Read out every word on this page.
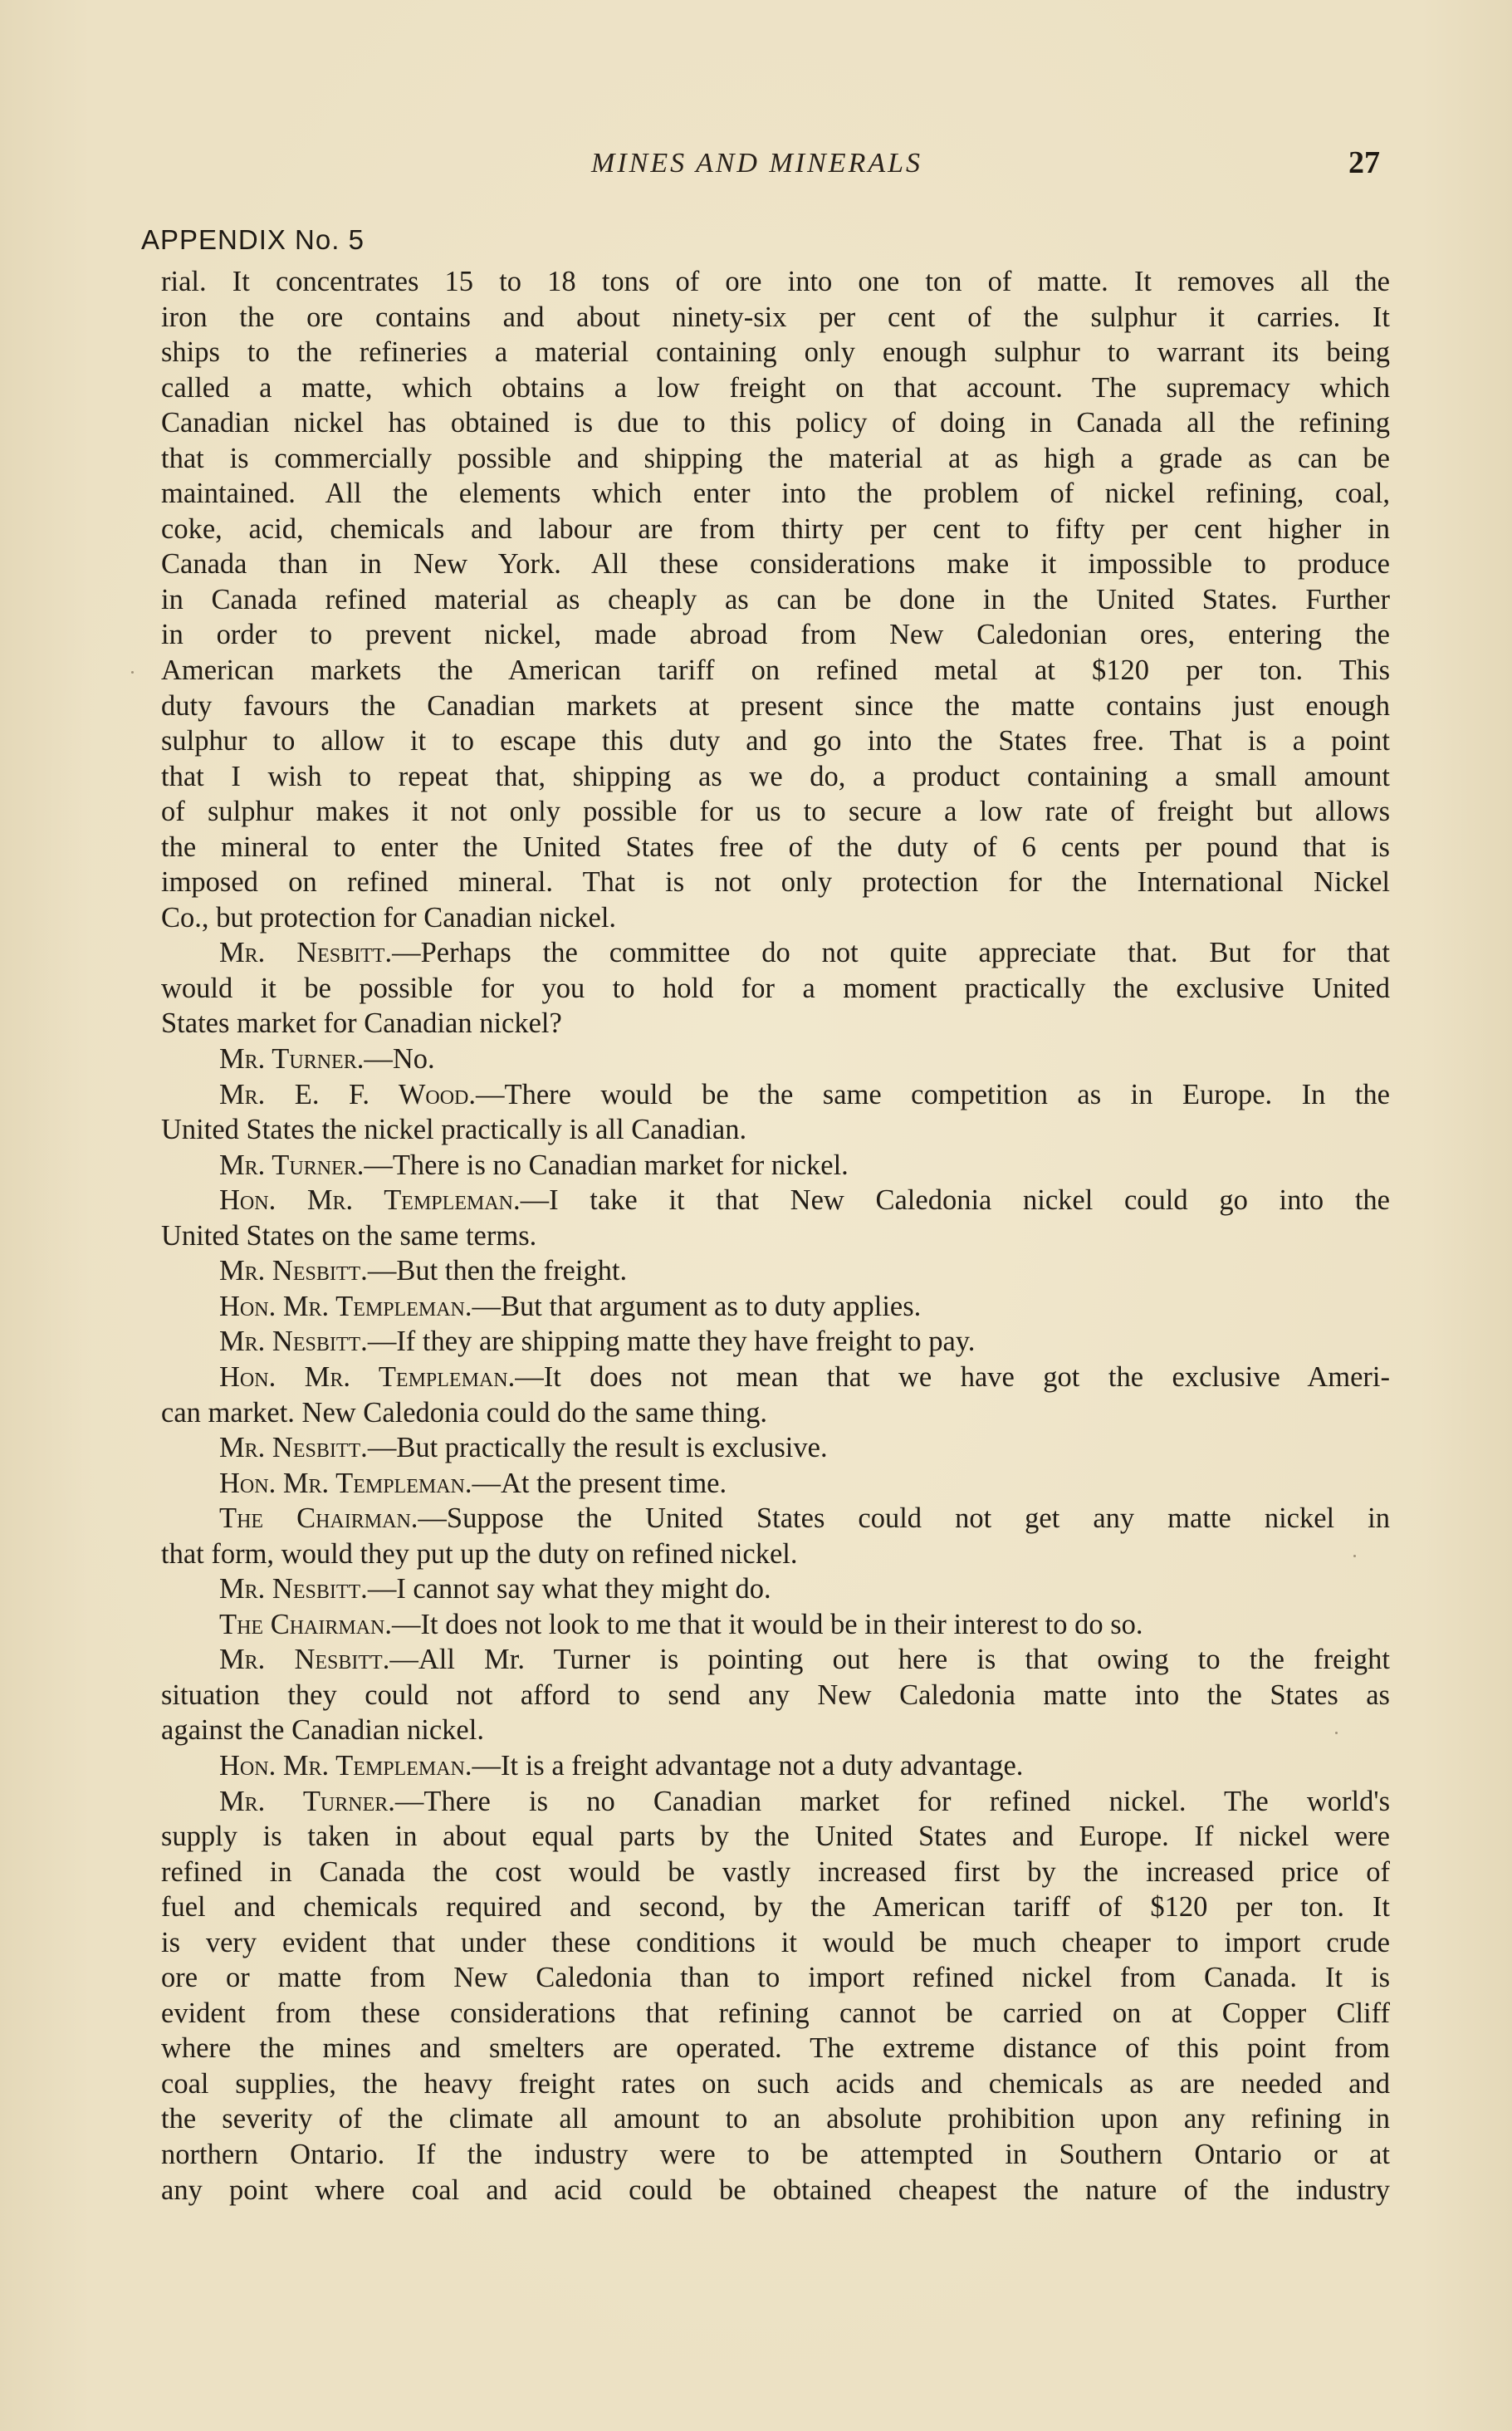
MINES AND MINERALS	27
APPENDIX No. 5
rial. It concentrates 15 to 18 tons of ore into one ton of matte. It removes all the
iron the ore contains and about ninety-six per cent of the sulphur it carries. It
ships to the refineries a material containing only enough sulphur to warrant its being
called a matte, which obtains a low freight on that account. The supremacy which
Canadian nickel has obtained is due to this policy of doing in Canada all the refining
that is commercially possible and shipping the material at as high a grade as can be
maintained. All the elements which enter into the problem of nickel refining, coal,
coke, acid, chemicals and labour are from thirty per cent to fifty per cent higher in
Canada than in New York. All these considerations make it impossible to produce
in Canada refined material as cheaply as can be done in the United States. Further
in order to prevent nickel, made abroad from New Caledonian ores, entering the
American markets the American tariff on refined metal at $120 per ton. This
duty favours the Canadian markets at present since the matte contains just enough
sulphur to allow it to escape this duty and go into the States free. That is a point
that I wish to repeat that, shipping as we do, a product containing a small amount
of sulphur makes it not only possible for us to secure a low rate of freight but allows
the mineral to enter the United States free of the duty of 6 cents per pound that is
imposed on refined mineral. That is not only protection for the International Nickel
Co., but protection for Canadian nickel.
Mr. Nesbitt.—Perhaps the committee do not quite appreciate that. But for that
would it be possible for you to hold for a moment practically the exclusive United
States market for Canadian nickel?
Mr. Turner.—No.
Mr. E. F. Wood.—There would be the same competition as in Europe. In the
United States the nickel practically is all Canadian.
Mr. Turner.—There is no Canadian market for nickel.
Hon. Mr. Templeman.—I take it that New Caledonia nickel could go into the
United States on the same terms.
Mr. Nesbitt.—But then the freight.
Hon. Mr. Templeman.—But that argument as to duty applies.
Mr. Nesbitt.—If they are shipping matte they have freight to pay.
Hon. Mr. Templeman.—It does not mean that we have got the exclusive Ameri-
can market. New Caledonia could do the same thing.
Mr. Nesbitt.—But practically the result is exclusive.
Hon. Mr. Templeman.—At the present time.
The Chairman.—Suppose the United States could not get any matte nickel in
that form, would they put up the duty on refined nickel.
Mr. Nesbitt.—I cannot say what they might do.
The Chairman.—It does not look to me that it would be in their interest to do so.
Mr. Nesbitt.—All Mr. Turner is pointing out here is that owing to the freight
situation they could not afford to send any New Caledonia matte into the States as
against the Canadian nickel.
Hon. Mr. Templeman.—It is a freight advantage not a duty advantage.
Mr. Turner.—There is no Canadian market for refined nickel. The world's
supply is taken in about equal parts by the United States and Europe. If nickel were
refined in Canada the cost would be vastly increased first by the increased price of
fuel and chemicals required and second, by the American tariff of $120 per ton. It
is very evident that under these conditions it would be much cheaper to import crude
ore or matte from New Caledonia than to import refined nickel from Canada. It is
evident from these considerations that refining cannot be carried on at Copper Cliff
where the mines and smelters are operated. The extreme distance of this point from
coal supplies, the heavy freight rates on such acids and chemicals as are needed and
the severity of the climate all amount to an absolute prohibition upon any refining in
northern Ontario. If the industry were to be attempted in Southern Ontario or at
any point where coal and acid could be obtained cheapest the nature of the industry
